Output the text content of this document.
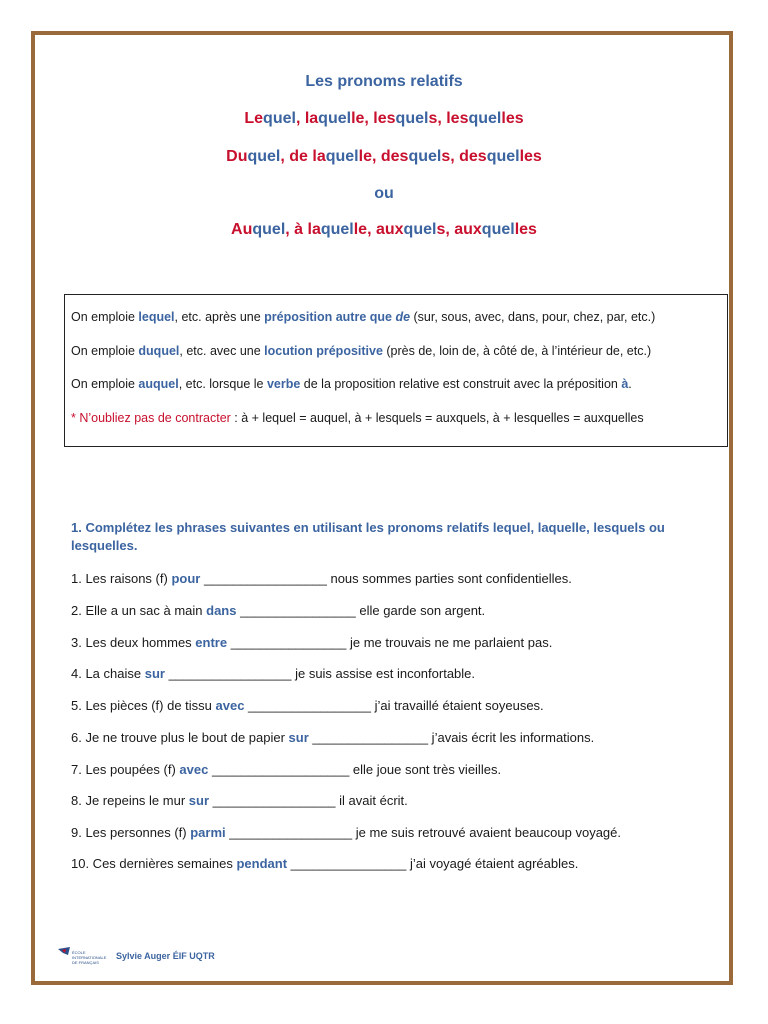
Les pronoms relatifs
Lequel, laquelle, lesquels, lesquelles
Duquel, de laquelle, desquels, desquelles
ou
Auquel, à laquelle, auxquels, auxquelles
On emploie lequel, etc. après une préposition autre que de (sur, sous, avec, dans, pour, chez, par, etc.)
On emploie duquel, etc. avec une locution prépositive (près de, loin de, à côté de, à l’intérieur de, etc.)
On emploie auquel, etc. lorsque le verbe de la proposition relative est construit avec la préposition à.
* N’oubliez pas de contracter : à + lequel = auquel, à + lesquels = auxquels, à + lesquelles = auxquelles
1. Complétez les phrases suivantes en utilisant les pronoms relatifs lequel, laquelle, lesquels ou lesquelles.
1. Les raisons (f) pour _________________ nous sommes parties sont confidentielles.
2. Elle a un sac à main dans ________________ elle garde son argent.
3. Les deux hommes entre ________________ je me trouvais ne me parlaient pas.
4. La chaise sur _________________ je suis assise est inconfortable.
5. Les pièces (f) de tissu avec _________________ j’ai travaillé étaient soyeuses.
6. Je ne trouve plus le bout de papier sur ________________ j’avais écrit les informations.
7. Les poupées (f) avec ___________________ elle joue sont très vieilles.
8. Je repeins le mur sur _________________ il avait écrit.
9. Les personnes (f) parmi _________________ je me suis retrouvé avaient beaucoup voyagé.
10. Ces dernières semaines pendant ________________ j’ai voyagé étaient agréables.
ÉCOLE
INTERNATIONALE
DE FRANÇAIS
Sylvie Auger ÉIF UQTR
